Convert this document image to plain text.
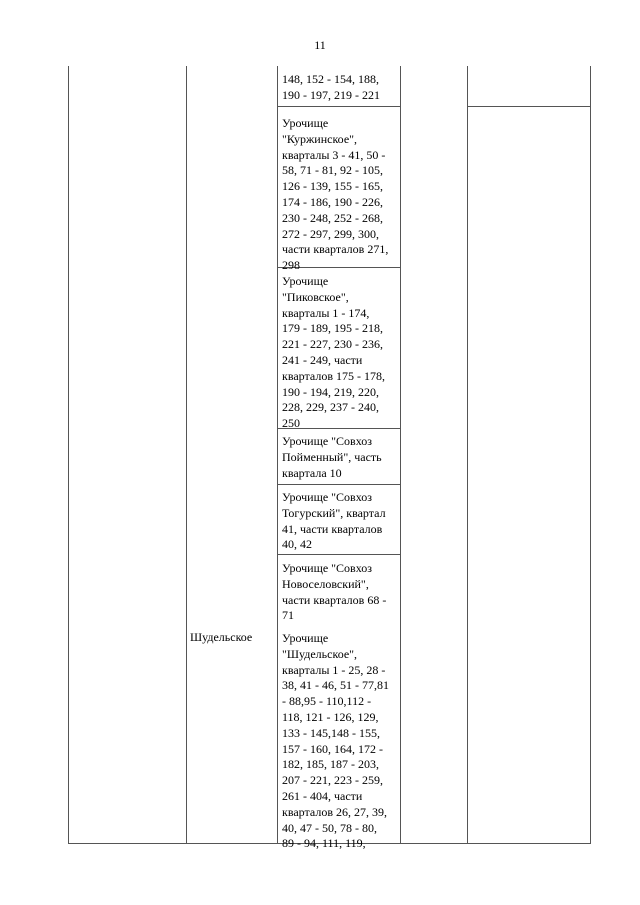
11
Шудельское
148, 152 - 154, 188,
190 - 197, 219 - 221
Урочище
"Куржинское",
кварталы 3 - 41, 50 -
58, 71 - 81, 92 - 105,
126 - 139, 155 - 165,
174 - 186, 190 - 226,
230 - 248, 252 - 268,
272 - 297, 299, 300,
части кварталов 271,
298
Урочище
"Пиковское",
кварталы 1 - 174,
179 - 189, 195 - 218,
221 - 227, 230 - 236,
241 - 249, части
кварталов 175 - 178,
190 - 194, 219, 220,
228, 229, 237 - 240,
250
Урочище "Совхоз
Пойменный", часть
квартала 10
Урочище "Совхоз
Тогурский", квартал
41, части кварталов
40, 42
Урочище "Совхоз
Новоселовский",
части кварталов 68 -
71
Урочище
"Шудельское",
кварталы 1 - 25, 28 -
38, 41 - 46, 51 - 77,81
- 88,95 - 110,112 -
118, 121 - 126, 129,
133 - 145,148 - 155,
157 - 160, 164, 172 -
182, 185, 187 - 203,
207 - 221, 223 - 259,
261 - 404, части
кварталов 26, 27, 39,
40, 47 - 50, 78 - 80,
89 - 94, 111, 119,
